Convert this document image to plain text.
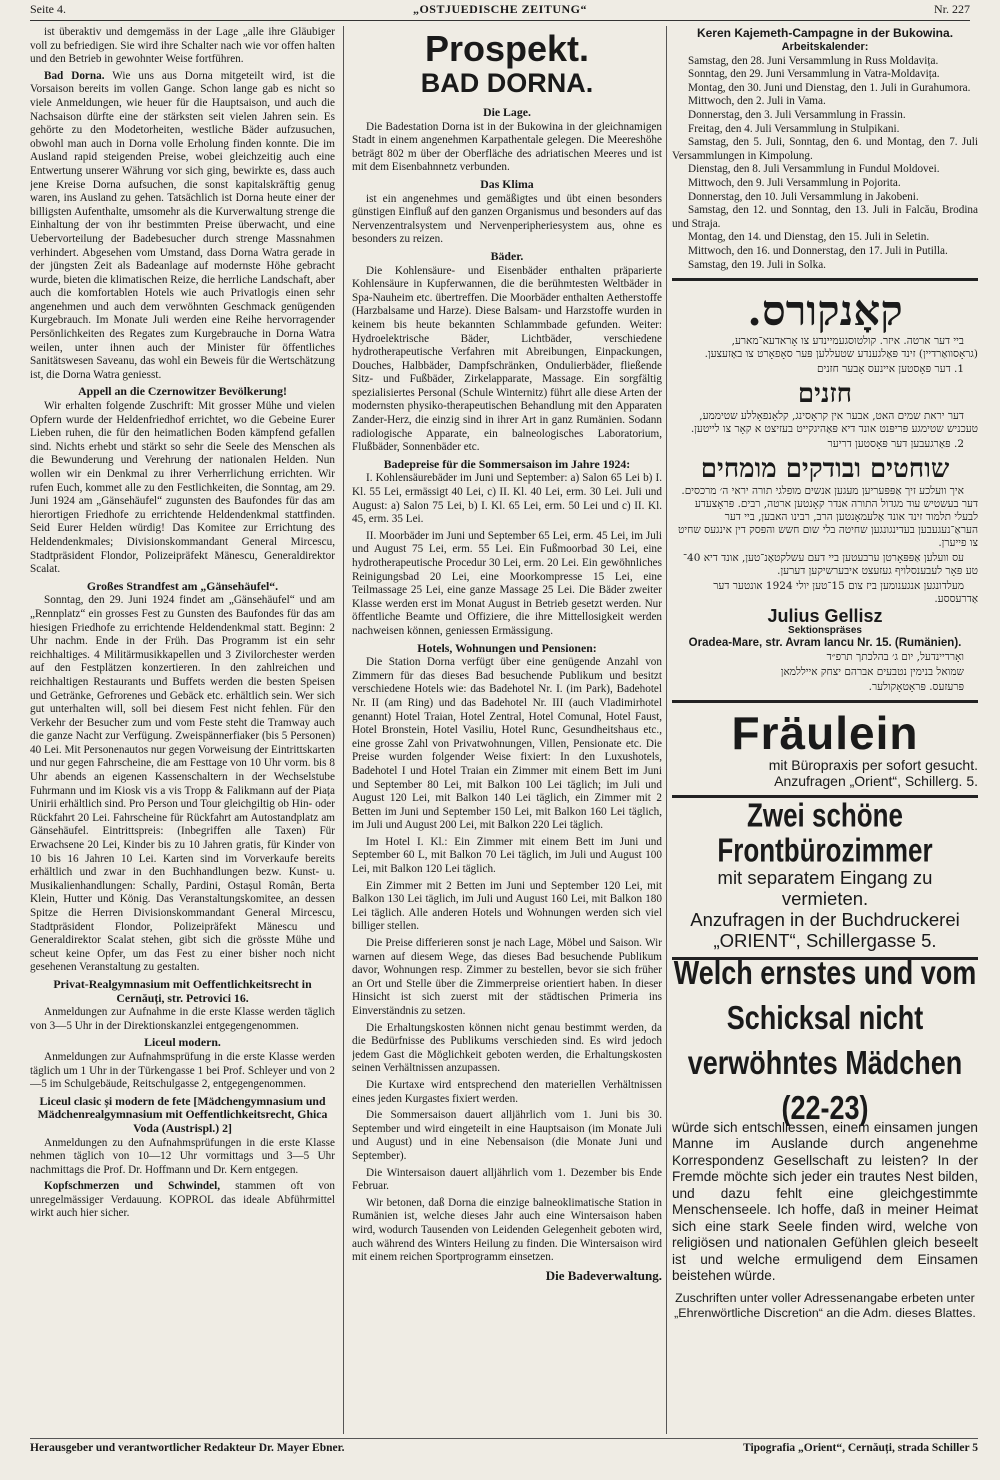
Seite 4.	„OSTJUEDISCHE ZEITUNG“	Nr. 227

ist überaktiv und demgemäss in der Lage „alle ihre Gläubiger voll zu befriedigen. Sie wird ihre Schalter nach wie vor offen halten und den Betrieb in gewohnter Weise fortführen.

Bad Dorna. Wie uns aus Dorna mitgeteilt wird, ist die Vorsaison bereits im vollen Gange. Schon lange gab es nicht so viele Anmeldungen, wie heuer für die Hauptsaison, und auch die Nachsaison dürfte eine der stärksten seit vielen Jahren sein. Es gehörte zu den Modetorheiten, westliche Bäder aufzusuchen, obwohl man auch in Dorna volle Erholung finden konnte. Die im Ausland rapid steigenden Preise, wobei gleichzeitig auch eine Entwertung unserer Währung vor sich ging, bewirkte es, dass auch jene Kreise Dorna aufsuchen, die sonst kapitalskräftig genug waren, ins Ausland zu gehen. Tatsächlich ist Dorna heute einer der billigsten Aufenthalte, umsomehr als die Kurverwaltung strenge die Einhaltung der von ihr bestimmten Preise überwacht, und eine Uebervorteilung der Badebesucher durch strenge Massnahmen verhindert. Abgesehen vom Umstand, dass Dorna Watra gerade in der jüngsten Zeit als Badeanlage auf modernste Höhe gebracht wurde, bieten die klimatischen Reize, die herrliche Landschaft, aber auch die komfortablen Hotels wie auch Privatlogis einen sehr angenehmen und auch dem verwöhnten Geschmack genügenden Kurgebrauch. Im Monate Juli werden eine Reihe hervorragender Persönlichkeiten des Regates zum Kurgebrauche in Dorna Watra weilen, unter ihnen auch der Minister für öffentliches Sanitätswesen Saveanu, das wohl ein Beweis für die Wertschätzung ist, die Dorna Watra geniesst.

Appell an die Czernowitzer Bevölkerung!

Wir erhalten folgende Zuschrift: Mit grosser Mühe und vielen Opfern wurde der Heldenfriedhof errichtet, wo die Gebeine Eurer Lieben ruhen, die für den heimatlichen Boden kämpfend gefallen sind. Nichts erhebt und stärkt so sehr die Seele des Menschen als die Bewunderung und Verehrung der nationalen Helden. Nun wollen wir ein Denkmal zu ihrer Verherrlichung errichten. Wir rufen Euch, kommet alle zu den Festlichkeiten, die Sonntag, am 29. Juni 1924 am „Gänsehäufel“ zugunsten des Baufondes für das am hierortigen Friedhofe zu errichtende Heldendenkmal stattfinden. Seid Eurer Helden würdig! Das Komitee zur Errichtung des Heldendenkmales; Divisionskommandant General Mircescu, Stadtpräsident Flondor, Polizeipräfekt Mänescu, Generaldirektor Scalat.

Großes Strandfest am „Gänsehäufel“.

Sonntag, den 29. Juni 1924 findet am „Gänsehäufel“ und am „Rennplatz“ ein grosses Fest zu Gunsten des Baufondes für das am hiesigen Friedhofe zu errichtende Heldendenkmal statt. Beginn: 2 Uhr nachm. Ende in der Früh. Das Programm ist ein sehr reichhaltiges. 4 Militärmusikkapellen und 3 Zivilorchester werden auf den Festplätzen konzertieren. In den zahlreichen und reichhaltigen Restaurants und Buffets werden die besten Speisen und Getränke, Gefrorenes und Gebäck etc. erhältlich sein. Wer sich gut unterhalten will, soll bei diesem Fest nicht fehlen. Für den Verkehr der Besucher zum und vom Feste steht die Tramway auch die ganze Nacht zur Verfügung. Zweispännerfiaker (bis 5 Personen) 40 Lei. Mit Personenautos nur gegen Vorweisung der Eintrittskarten und nur gegen Fahrscheine, die am Festtage von 10 Uhr vorm. bis 8 Uhr abends an eigenen Kassenschaltern in der Wechselstube Fuhrmann und im Kiosk vis a vis Tropp & Falikmann auf der Piața Unirii erhältlich sind. Pro Person und Tour gleichgiltig ob Hin- oder Rückfahrt 20 Lei. Fahrscheine für Rückfahrt am Autostandplatz am Gänsehäufel. Eintrittspreis: (Inbegriffen alle Taxen) Für Erwachsene 20 Lei, Kinder bis zu 10 Jahren gratis, für Kinder von 10 bis 16 Jahren 10 Lei. Karten sind im Vorverkaufe bereits erhältlich und zwar in den Buchhandlungen bezw. Kunst- u. Musikalienhandlungen: Schally, Pardini, Ostașul Român, Berta Klein, Hutter und König. Das Veranstaltungskomitee, an dessen Spitze die Herren Divisionskommandant General Mircescu, Stadtpräsident Flondor, Polizeipräfekt Mänescu und Generaldirektor Scalat stehen, gibt sich die grösste Mühe und scheut keine Opfer, um das Fest zu einer bisher noch nicht gesehenen Veranstaltung zu gestalten.

Privat-Realgymnasium mit Oeffentlichkeitsrecht in Cernăuți, str. Petrovici 16.

Anmeldungen zur Aufnahme in die erste Klasse werden täglich von 3—5 Uhr in der Direktionskanzlei entgegengenommen.

Liceul modern.

Anmeldungen zur Aufnahmsprüfung in die erste Klasse werden täglich um 1 Uhr in der Türkengasse 1 bei Prof. Schleyer und von 2—5 im Schulgebäude, Reitschulgasse 2, entgegengenommen.

Liceul clasic și modern de fete [Mädchengymnasium und Mädchenrealgymnasium mit Oeffentlichkeitsrecht, Ghica Voda (Austrispl.) 2]

Anmeldungen zu den Aufnahmsprüfungen in die erste Klasse nehmen täglich von 10—12 Uhr vormittags und 3—5 Uhr nachmittags die Prof. Dr. Hoffmann und Dr. Kern entgegen.

Kopfschmerzen und Schwindel, stammen oft von unregelmässiger Verdauung. KOPROL das ideale Abführmittel wirkt auch hier sicher.

Prospekt.
BAD DORNA.
Die Lage.

Die Badestation Dorna ist in der Bukowina in der gleichnamigen Stadt in einem angenehmen Karpathentale gelegen. Die Meereshöhe beträgt 802 m über der Oberfläche des adriatischen Meeres und ist mit dem Eisenbahnnetz verbunden.

Das Klima

ist ein angenehmes und gemäßigtes und übt einen besonders günstigen Einfluß auf den ganzen Organismus und besonders auf das Nervenzentralsystem und Nervenperipheriesystem aus, ohne es besonders zu reizen.

Bäder.

Die Kohlensäure- und Eisenbäder enthalten präparierte Kohlensäure in Kupferwannen, die die berühmtesten Weltbäder in Spa-Nauheim etc. übertreffen. Die Moorbäder enthalten Aetherstoffe (Harzbalsame und Harze). Diese Balsam- und Harzstoffe wurden in keinem bis heute bekannten Schlammbade gefunden. Weiter: Hydroelektrische Bäder, Lichtbäder, verschiedene hydrotherapeutische Verfahren mit Abreibungen, Einpackungen, Douches, Halbbäder, Dampfschränken, Ondulierbäder, fließende Sitz- und Fußbäder, Zirkelapparate, Massage. Ein sorgfältig spezialisiertes Personal (Schule Winternitz) führt alle diese Arten der modernsten physiko-therapeutischen Behandlung mit den Apparaten Zander-Herz, die einzig sind in ihrer Art in ganz Rumänien. Sodann radiologische Apparate, ein balneologisches Laboratorium, Flußbäder, Sonnenbäder etc.

Badepreise für die Sommersaison im Jahre 1924:

I. Kohlensäurebäder im Juni und September: a) Salon 65 Lei b) I. Kl. 55 Lei, ermässigt 40 Lei, c) II. Kl. 40 Lei, erm. 30 Lei. Juli und August: a) Salon 75 Lei, b) I. Kl. 65 Lei, erm. 50 Lei und c) II. Kl. 45, erm. 35 Lei.

II. Moorbäder im Juni und September 65 Lei, erm. 45 Lei, im Juli und August 75 Lei, erm. 55 Lei. Ein Fußmoorbad 30 Lei, eine hydrotherapeutische Procedur 30 Lei, erm. 20 Lei. Ein gewöhnliches Reinigungsbad 20 Lei, eine Moorkompresse 15 Lei, eine Teilmassage 25 Lei, eine ganze Massage 25 Lei. Die Bäder zweiter Klasse werden erst im Monat August in Betrieb gesetzt werden. Nur öffentliche Beamte und Offiziere, die ihre Mittellosigkeit werden nachweisen können, geniessen Ermässigung.

Hotels, Wohnungen und Pensionen:

Die Station Dorna verfügt über eine genügende Anzahl von Zimmern für das dieses Bad besuchende Publikum und besitzt verschiedene Hotels wie: das Badehotel Nr. I. (im Park), Badehotel Nr. II (am Ring) und das Badehotel Nr. III (auch Vladimirhotel genannt) Hotel Traian, Hotel Zentral, Hotel Comunal, Hotel Faust, Hotel Bronstein, Hotel Vasiliu, Hotel Runc, Gesundheitshaus etc., eine grosse Zahl von Privatwohnungen, Villen, Pensionate etc. Die Preise wurden folgender Weise fixiert: In den Luxushotels, Badehotel I und Hotel Traian ein Zimmer mit einem Bett im Juni und September 80 Lei, mit Balkon 100 Lei täglich; im Juli und August 120 Lei, mit Balkon 140 Lei täglich, ein Zimmer mit 2 Betten im Juni und September 150 Lei, mit Balkon 160 Lei täglich, im Juli und August 200 Lei, mit Balkon 220 Lei täglich.

Im Hotel I. Kl.: Ein Zimmer mit einem Bett im Juni und September 60 L, mit Balkon 70 Lei täglich, im Juli und August 100 Lei, mit Balkon 120 Lei täglich.

Ein Zimmer mit 2 Betten im Juni und September 120 Lei, mit Balkon 130 Lei täglich, im Juli und August 160 Lei, mit Balkon 180 Lei täglich. Alle anderen Hotels und Wohnungen werden sich viel billiger stellen.

Die Preise differieren sonst je nach Lage, Möbel und Saison. Wir warnen auf diesem Wege, das dieses Bad besuchende Publikum davor, Wohnungen resp. Zimmer zu bestellen, bevor sie sich früher an Ort und Stelle über die Zimmerpreise orientiert haben. In dieser Hinsicht ist sich zuerst mit der städtischen Primeria ins Einverständnis zu setzen.

Die Erhaltungskosten können nicht genau bestimmt werden, da die Bedürfnisse des Publikums verschieden sind. Es wird jedoch jedem Gast die Möglichkeit geboten werden, die Erhaltungskosten seinen Verhältnissen anzupassen.

Die Kurtaxe wird entsprechend den materiellen Verhältnissen eines jeden Kurgastes fixiert werden.

Die Sommersaison dauert alljährlich vom 1. Juni bis 30. September und wird eingeteilt in eine Hauptsaison (im Monate Juli und August) und in eine Nebensaison (die Monate Juni und September).

Die Wintersaison dauert alljährlich vom 1. Dezember bis Ende Februar.

Wir betonen, daß Dorna die einzige balneoklimatische Station in Rumänien ist, welche dieses Jahr auch eine Wintersaison haben wird, wodurch Tausenden von Leidenden Gelegenheit geboten wird, auch während des Winters Heilung zu finden. Die Wintersaison wird mit einem reichen Sportprogramm einsetzen.

Die Badeverwaltung.
Keren Kajemeth-Campagne in der Bukowina.
Arbeitskalender:

Samstag, den 28. Juni Versammlung in Russ Moldavița.

Sonntag, den 29. Juni Versammlung in Vatra-Moldavița.

Montag, den 30. Juni und Dienstag, den 1. Juli in Gurahumora.

Mittwoch, den 2. Juli in Vama.

Donnerstag, den 3. Juli Versammlung in Frassin.

Freitag, den 4. Juli Versammlung in Stulpikani.

Samstag, den 5. Juli, Sonntag, den 6. und Montag, den 7. Juli Versammlungen in Kimpolung.

Dienstag, den 8. Juli Versammlung in Fundul Moldovei.

Mittwoch, den 9. Juli Versammlung in Pojorita.

Donnerstag, den 10. Juli Versammlung in Jakobeni.

Samstag, den 12. und Sonntag, den 13. Juli in Falcău, Brodina und Straja.

Montag, den 14. und Dienstag, den 15. Juli in Seletin.

Mittwoch, den 16. und Donnerstag, den 17. Juli in Putilla.

Samstag, den 19. Juli in Solka.

קאָנקורס.

ביי דער ארטה. איזר. קולטוסגעמיינדע צו אָראדעא־מארע, (גראָסוואַרדיין) זינד פּאַלגענדע שטעללען פּער סאָפאָרט צו באַזעצען.

1. דער פּאָסטען איינעס אָבער חזנים

חזנים

דער יראת שמים האט, אבער אין קראָסינג, קלאָנפאָללע שטיממע, טעכניש שטימגע פּריפּנט אונד דיא פּאַהיגקייט בעזיצט א קאָר צו לייטען.

2. פּאַרגעבען דער פּאָסטען דריער

שוחטים ובודקים מומחים

איך וועלכע זיך אַפּפּעריען מעגען אנשים מופלגי תורה יראי ה׳ מרכסים. דער בעשטיש עוד מגדול התורה אנדר קאָנטען ארטה, רבים. פּראָצעדע לבעלי תלמוד זינד אונד אַלעמאָנטען הרב, רבינו האבען, ביי דער העראַ־נעגעבען בעדינגונגען שחיטה בלי שום חשש והפּסק דין אינגעס שחיט צו פייערן.

עס וועלען אַפּפּאָרטן ערבעטען ביי דעם עשלקטאַנ־טען, אונד דיא 40־טע פּאָר לעבענסלויף געזעצט איבערשיקען דערען.

מעלדונגען אנגענומען ביז צום 15־טען יולי 1924 אונטער דער אַדרעססע.

Julius Gellisz
Sektionspräses
Oradea-Mare, str. Avram Iancu Nr. 15. (Rumänien).

ואָרדיינדעל, יום ג׳ בהלכתך תרפ״ד

שמואל בנימין נטבעים אברהם יצחק אייללמאן

פּרעזעס. פּראָטאָקולער.

Fräulein
mit Büropraxis per sofort gesucht.
Anzufragen „Orient“, Schillerg. 5.
Zwei schöne Frontbürozimmer
mit separatem Eingang zu vermieten.
Anzufragen in der Buchdruckerei
„ORIENT“, Schillergasse 5.
Welch ernstes und vom Schicksal nicht verwöhntes Mädchen (22-23)
würde sich entschliessen, einem einsamen jungen Manne im Auslande durch angenehme Korrespondenz Gesellschaft zu leisten? In der Fremde möchte sich jeder ein trautes Nest bilden, und dazu fehlt eine gleichgestimmte Menschenseele. Ich hoffe, daß in meiner Heimat sich eine stark Seele finden wird, welche von religiösen und nationalen Gefühlen gleich beseelt ist und welche ermuligend dem Einsamen beistehen würde.
Zuschriften unter voller Adressenangabe erbeten unter „Ehrenwörtliche Discretion“ an die Adm. dieses Blattes.
Herausgeber und verantwortlicher Redakteur Dr. Mayer Ebner.	Tipografia „Orient“, Cernăuți, strada Schiller 5
